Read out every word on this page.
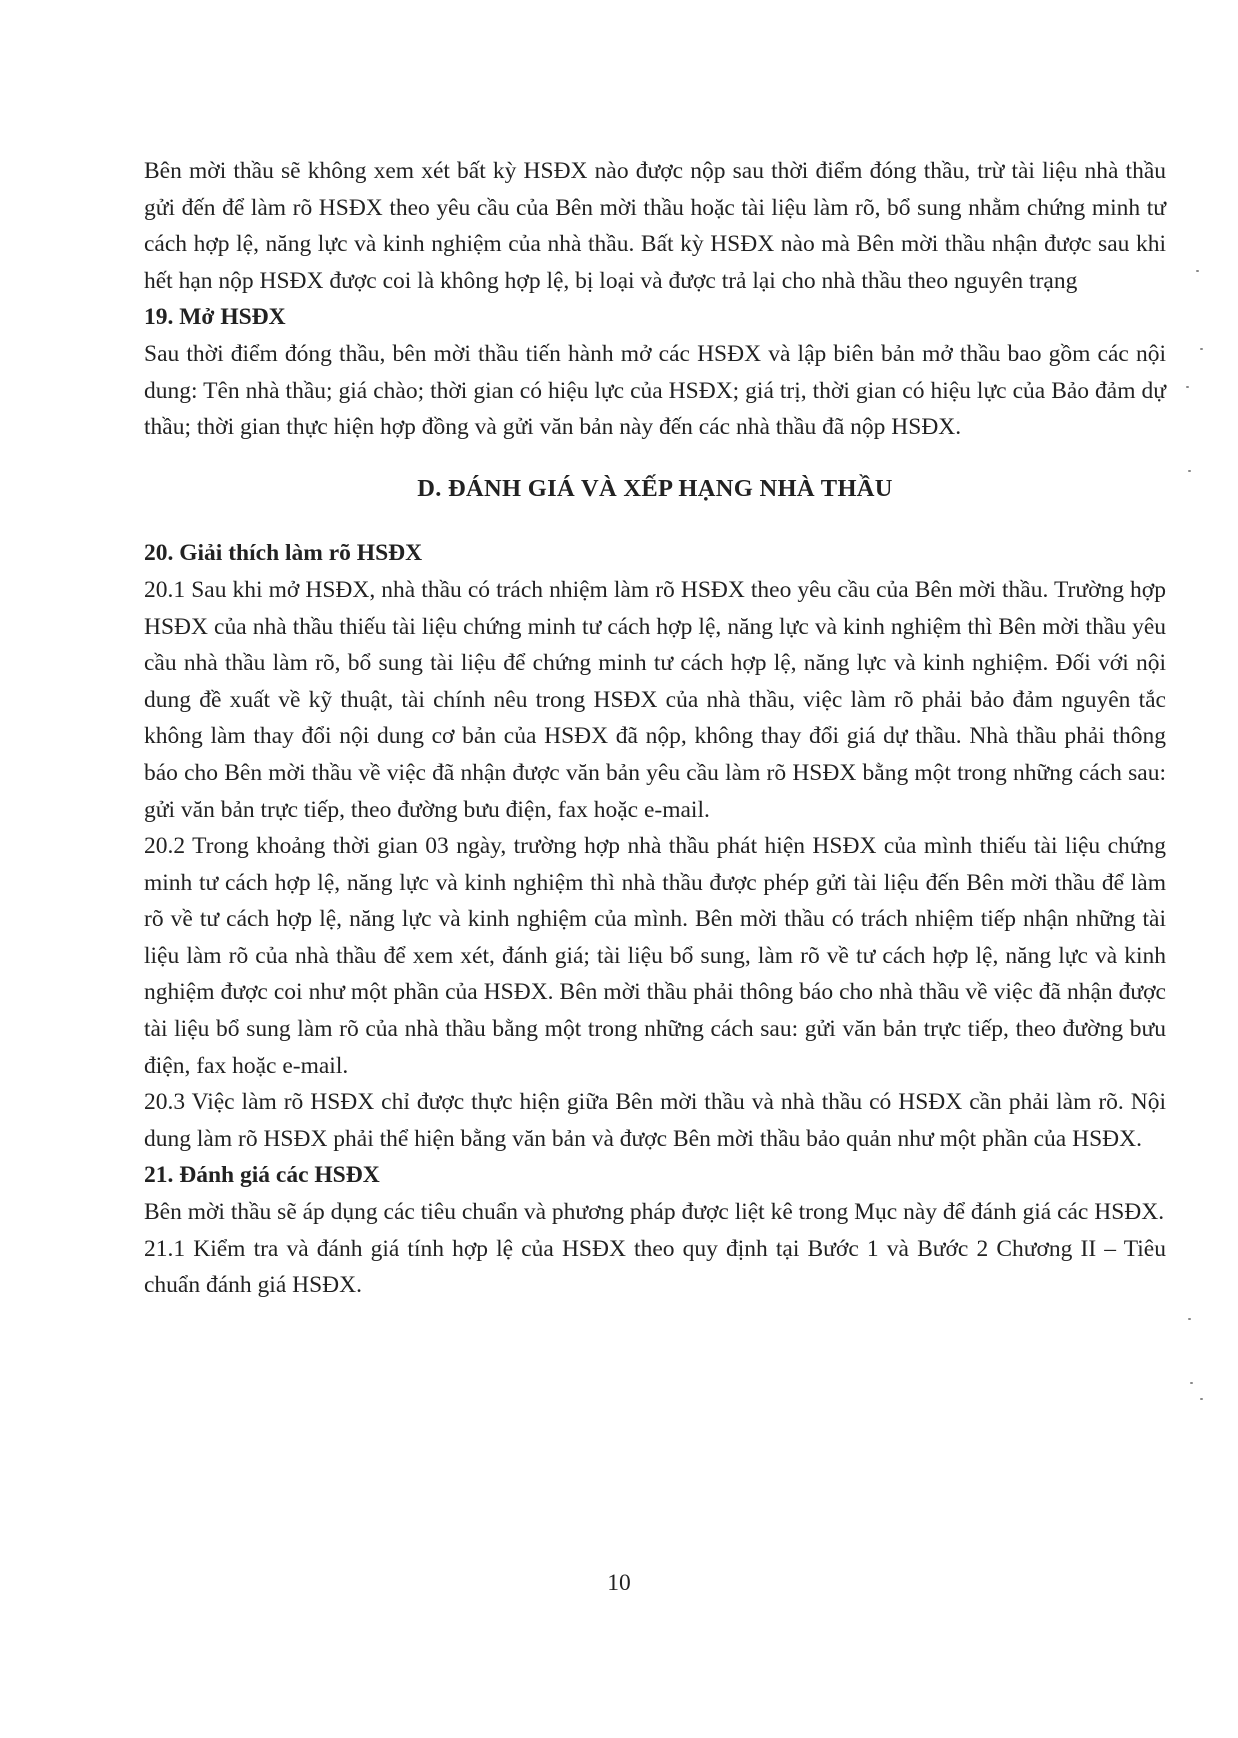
Bên mời thầu sẽ không xem xét bất kỳ HSĐX nào được nộp sau thời điểm đóng thầu, trừ tài liệu nhà thầu gửi đến để làm rõ HSĐX theo yêu cầu của Bên mời thầu hoặc tài liệu làm rõ, bổ sung nhằm chứng minh tư cách hợp lệ, năng lực và kinh nghiệm của nhà thầu. Bất kỳ HSĐX nào mà Bên mời thầu nhận được sau khi hết hạn nộp HSĐX được coi là không hợp lệ, bị loại và được trả lại cho nhà thầu theo nguyên trạng

19. Mở HSĐX

Sau thời điểm đóng thầu, bên mời thầu tiến hành mở các HSĐX và lập biên bản mở thầu bao gồm các nội dung: Tên nhà thầu; giá chào; thời gian có hiệu lực của HSĐX; giá trị, thời gian có hiệu lực của Bảo đảm dự thầu; thời gian thực hiện hợp đồng và gửi văn bản này đến các nhà thầu đã nộp HSĐX.

D. ĐÁNH GIÁ VÀ XẾP HẠNG NHÀ THẦU

20. Giải thích làm rõ HSĐX

20.1 Sau khi mở HSĐX, nhà thầu có trách nhiệm làm rõ HSĐX theo yêu cầu của Bên mời thầu. Trường hợp HSĐX của nhà thầu thiếu tài liệu chứng minh tư cách hợp lệ, năng lực và kinh nghiệm thì Bên mời thầu yêu cầu nhà thầu làm rõ, bổ sung tài liệu để chứng minh tư cách hợp lệ, năng lực và kinh nghiệm. Đối với nội dung đề xuất về kỹ thuật, tài chính nêu trong HSĐX của nhà thầu, việc làm rõ phải bảo đảm nguyên tắc không làm thay đổi nội dung cơ bản của HSĐX đã nộp, không thay đổi giá dự thầu. Nhà thầu phải thông báo cho Bên mời thầu về việc đã nhận được văn bản yêu cầu làm rõ HSĐX bằng một trong những cách sau: gửi văn bản trực tiếp, theo đường bưu điện, fax hoặc e-mail.

20.2 Trong khoảng thời gian 03 ngày, trường hợp nhà thầu phát hiện HSĐX của mình thiếu tài liệu chứng minh tư cách hợp lệ, năng lực và kinh nghiệm thì nhà thầu được phép gửi tài liệu đến Bên mời thầu để làm rõ về tư cách hợp lệ, năng lực và kinh nghiệm của mình. Bên mời thầu có trách nhiệm tiếp nhận những tài liệu làm rõ của nhà thầu để xem xét, đánh giá; tài liệu bổ sung, làm rõ về tư cách hợp lệ, năng lực và kinh nghiệm được coi như một phần của HSĐX. Bên mời thầu phải thông báo cho nhà thầu về việc đã nhận được tài liệu bổ sung làm rõ của nhà thầu bằng một trong những cách sau: gửi văn bản trực tiếp, theo đường bưu điện, fax hoặc e-mail.

20.3 Việc làm rõ HSĐX chỉ được thực hiện giữa Bên mời thầu và nhà thầu có HSĐX cần phải làm rõ. Nội dung làm rõ HSĐX phải thể hiện bằng văn bản và được Bên mời thầu bảo quản như một phần của HSĐX.

21. Đánh giá các HSĐX

Bên mời thầu sẽ áp dụng các tiêu chuẩn và phương pháp được liệt kê trong Mục này để đánh giá các HSĐX.

21.1 Kiểm tra và đánh giá tính hợp lệ của HSĐX theo quy định tại Bước 1 và Bước 2 Chương II – Tiêu chuẩn đánh giá HSĐX.

10
